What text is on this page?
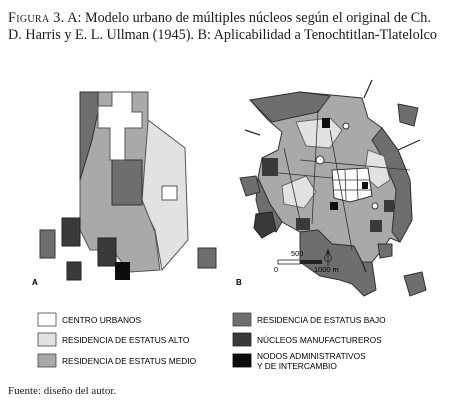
Figura 3. A: Modelo urbano de múltiples núcleos según el original de Ch. D. Harris y E. L. Ullman (1945). B: Aplicabilidad a Tenochtitlan-Tlatelolco
0
500
1000 m
A	B
CENTRO URBANOS
RESIDENCIA DE ESTATUS ALTO
RESIDENCIA DE ESTATUS MEDIO
RESIDENCIA DE ESTATUS BAJO
NÚCLEOS MANUFACTUREROS
NODOS ADMINISTRATIVOS
Y DE INTERCAMBIO
Fuente: diseño del autor.
